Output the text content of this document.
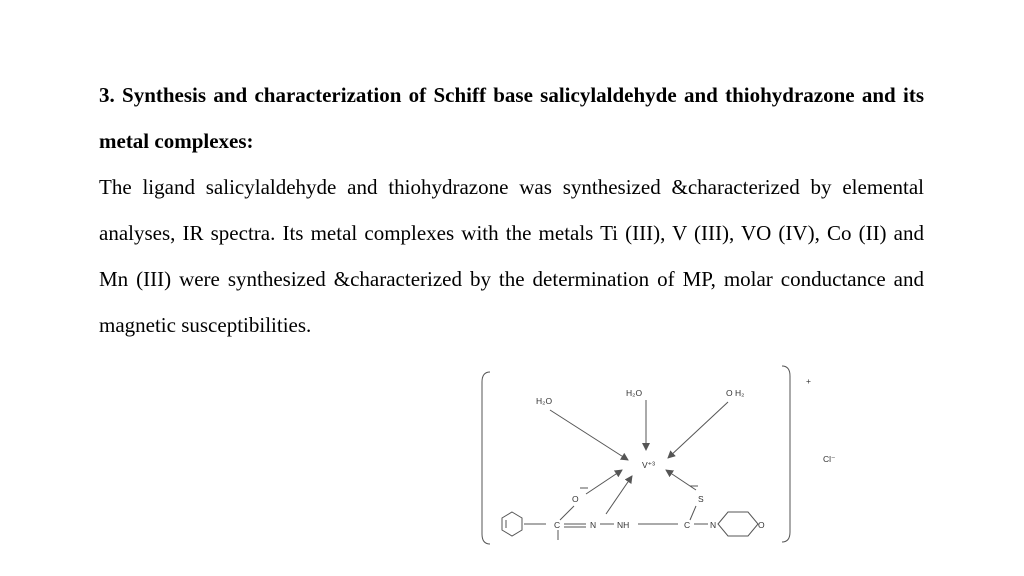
3. Synthesis and characterization of Schiff base salicylaldehyde and thiohydrazone and its metal complexes:

The ligand salicylaldehyde and thiohydrazone was synthesized &characterized by elemental analyses, IR spectra. Its metal complexes with the metals Ti (III), V (III), VO (IV), Co (II) and Mn (III) were synthesized &characterized by the determination of MP, molar conductance and magnetic susceptibilities.

+
Cl⁻
H₂O
H₂O	O H₂
V⁺³
O	S
C	N NH	C N	O
